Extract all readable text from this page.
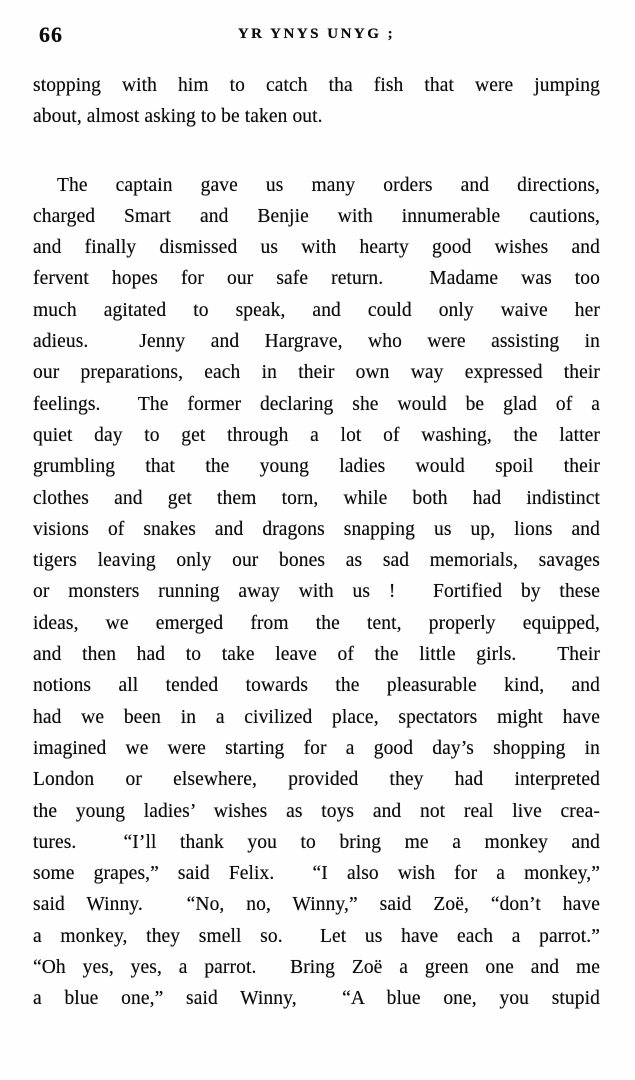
66	YR YNYS UNYG ;
stopping with him to catch tha fish that were jumping
about, almost asking to be taken out.
The captain gave us many orders and directions,
charged Smart and Benjie with innumerable cautions,
and finally dismissed us with hearty good wishes and
fervent hopes for our safe return.  Madame was too
much agitated to speak, and could only waive her
adieus.  Jenny and Hargrave, who were assisting in
our preparations, each in their own way expressed their
feelings.  The former declaring she would be glad of a
quiet day to get through a lot of washing, the latter
grumbling that the young ladies would spoil their
clothes and get them torn, while both had indistinct
visions of snakes and dragons snapping us up, lions and
tigers leaving only our bones as sad memorials, savages
or monsters running away with us !  Fortified by these
ideas, we emerged from the tent, properly equipped,
and then had to take leave of the little girls.  Their
notions all tended towards the pleasurable kind, and
had we been in a civilized place, spectators might have
imagined we were starting for a good day’s shopping in
London or elsewhere, provided they had interpreted
the young ladies’ wishes as toys and not real live crea-
tures.  “I’ll thank you to bring me a monkey and
some grapes,” said Felix.  “I also wish for a monkey,”
said Winny.  “No, no, Winny,” said Zoë, “don’t have
a monkey, they smell so.  Let us have each a parrot.”
“Oh yes, yes, a parrot.  Bring Zoë a green one and me
a blue one,” said Winny,  “A blue one, you stupid
